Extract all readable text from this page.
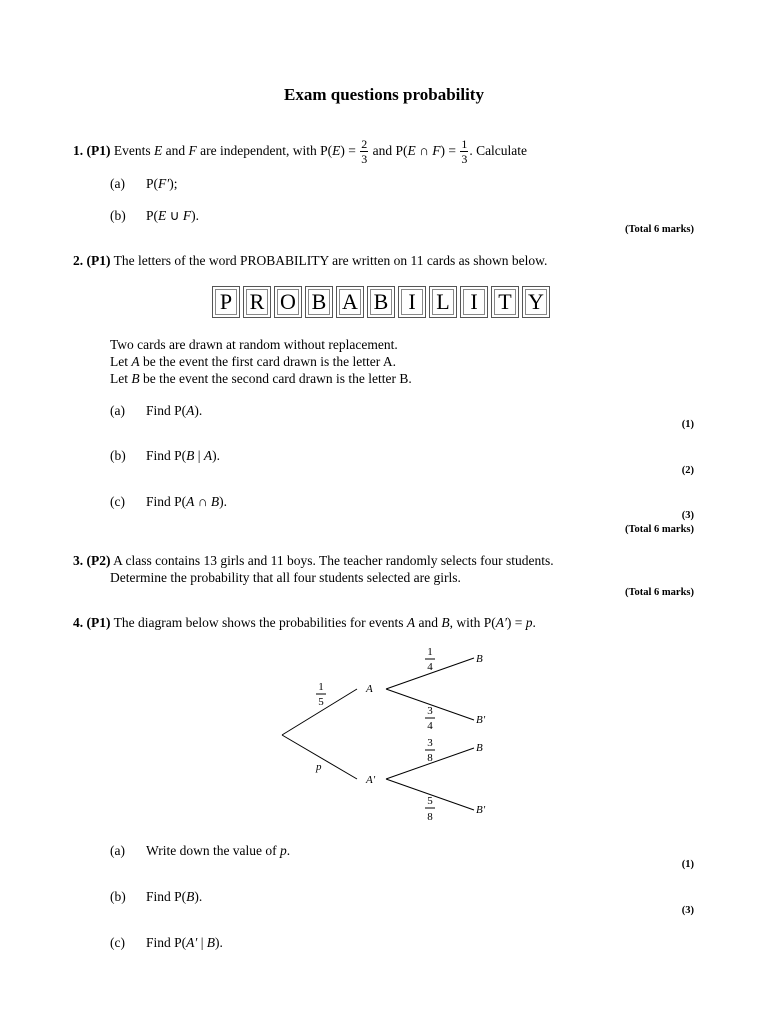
Exam questions probability
1. (P1) Events E and F are independent, with $P(E) = \frac{2}{3}$ and P(E ∩ $F) = \frac{1}{3}$ . Calculate
(a) P(F′);
(b) P(E ∪ F).
(Total 6 marks)
2. (P1) The letters of the word PROBABILITY are written on 11 cards as shown below.
P R O B A B I L I T Y
Two cards are drawn at random without replacement.
Let A be the event the first card drawn is the letter A.
Let B be the event the second card drawn is the letter B.
(a) Find P(A).
(1)
(b) Find P(B | A).
(2)
(c) Find P(A ∩ B).
(3)
(Total 6 marks)
3. (P2) A class contains 13 girls and 11 boys. The teacher randomly selects four students.
Determine the probability that all four students selected are girls.
(Total 6 marks)
4. (P1) The diagram below shows the probabilities for events A and B, with P(A′) = p.
A
A′
B
B′
B
B′
p
1
5
1
4
3
4
3
8
5
8
(a) Write down the value of p.
(1)
(b) Find P(B).
(3)
(c) Find P(A′ | B).
